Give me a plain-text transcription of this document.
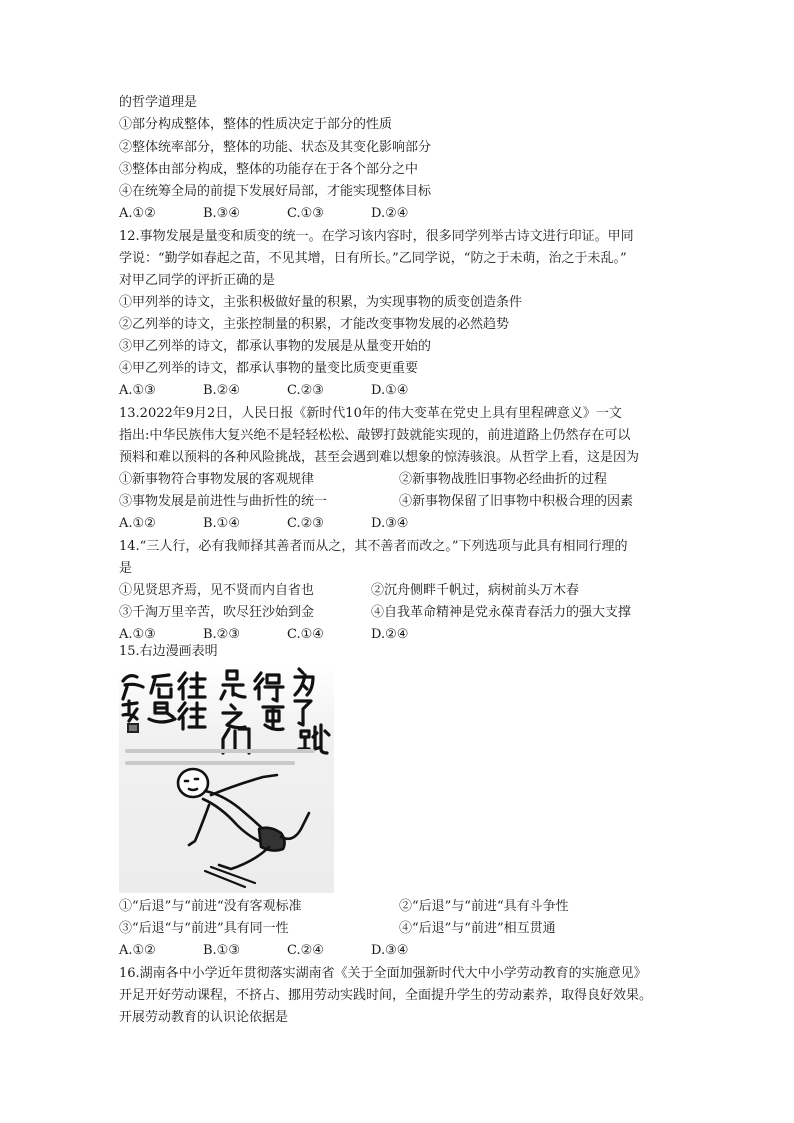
的哲学道理是
①部分构成整体，整体的性质决定于部分的性质
②整体统率部分，整体的功能、状态及其变化影响部分
③整体由部分构成，整体的功能存在于各个部分之中
④在统筹全局的前提下发展好局部，才能实现整体目标
A.①②	B.③④	C.①③	D.②④
12.事物发展是量变和质变的统一。在学习该内容时，很多同学列举古诗文进行印证。甲同
学说：“勤学如春起之苗，不见其增，日有所长。”乙同学说，“防之于未萌，治之于未乱。”
对甲乙同学的评折正确的是
①甲列举的诗文，主张积极做好量的积累，为实现事物的质变创造条件
②乙列举的诗文，主张控制量的积累，才能改变事物发展的必然趋势
③甲乙列举的诗文，都承认事物的发展是从量变开始的
④甲乙列举的诗文，都承认事物的量变比质变更重要
A.①③	B.②④	C.②③	D.①④
13.2022年9月2日，人民日报《新时代10年的伟大变革在党史上具有里程碑意义》一文
指出:中华民族伟大复兴绝不是轻轻松松、敲锣打鼓就能实现的，前进道路上仍然存在可以
预料和难以预料的各种风险挑战，甚至会遇到难以想象的惊涛骇浪。从哲学上看，这是因为
①新事物符合事物发展的客观规律	②新事物战胜旧事物必经曲折的过程
③事物发展是前进性与曲折性的统一	④新事物保留了旧事物中积极合理的因素
A.①②	B.①④	C.②③	D.③④
14.“三人行，必有我师择其善者而从之，其不善者而改之。”下列选项与此具有相同行理的
是
①见贤思齐焉，见不贤而内自省也	②沉舟侧畔千帆过，病树前头万木春
③千淘万里辛苦，吹尽狂沙始到金	④自我革命精神是党永葆青春活力的强大支撑
A.①③	B.②③	C.①④	D.②④
15.右边漫画表明
①“后退”与“前进“没有客观标准	②“后退”与“前进“具有斗争性
③“后退“与“前进”具有同一性	④“后退”与“前进”相互贯通
A.①②	B.①③	C.②④	D.③④
16.湖南各中小学近年贯彻落实湖南省《关于全面加强新时代大中小学劳动教育的实施意见》
开足开好劳动课程，不挤占、挪用劳动实践时间，全面提升学生的劳动素养，取得良好效果。
开展劳动教育的认识论依据是
